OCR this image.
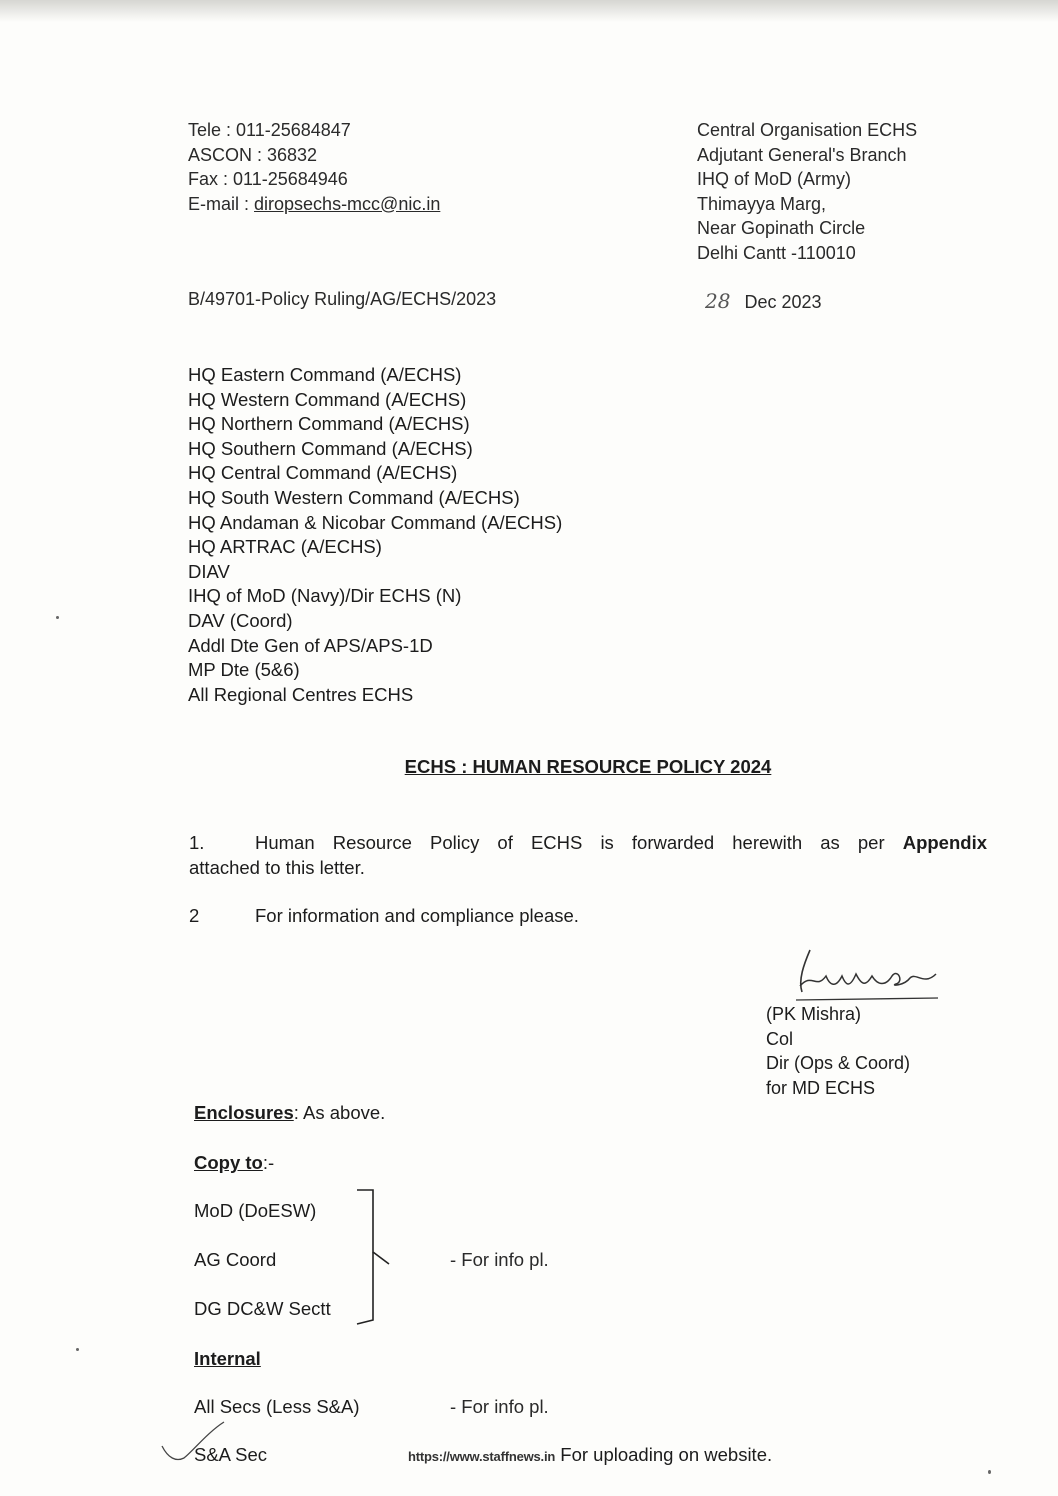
Tele : 011-25684847
ASCON : 36832
Fax : 011-25684946
E-mail : diropsechs-mcc@nic.in
Central Organisation ECHS
Adjutant General's Branch
IHQ of MoD (Army)
Thimayya Marg,
Near Gopinath Circle
Delhi Cantt -110010
B/49701-Policy Ruling/AG/ECHS/2023	28 Dec 2023
HQ Eastern Command (A/ECHS)
HQ Western Command (A/ECHS)
HQ Northern Command (A/ECHS)
HQ Southern Command (A/ECHS)
HQ Central Command (A/ECHS)
HQ South Western Command (A/ECHS)
HQ Andaman & Nicobar Command (A/ECHS)
HQ ARTRAC (A/ECHS)
DIAV
IHQ of MoD (Navy)/Dir ECHS (N)
DAV (Coord)
Addl Dte Gen of APS/APS-1D
MP Dte (5&6)
All Regional Centres ECHS
ECHS : HUMAN RESOURCE POLICY 2024
1.	Human Resource Policy of ECHS is forwarded herewith as per Appendix
attached to this letter.
2	For information and compliance please.
(PK Mishra)
Col
Dir (Ops & Coord)
for MD ECHS
Enclosures: As above.
Copy to:-
MoD (DoESW)
AG Coord
DG DC&W Sectt
- For info pl.
Internal
All Secs (Less S&A)	- For info pl.
S&A Sec	https://www.staffnews.in For uploading on website.
